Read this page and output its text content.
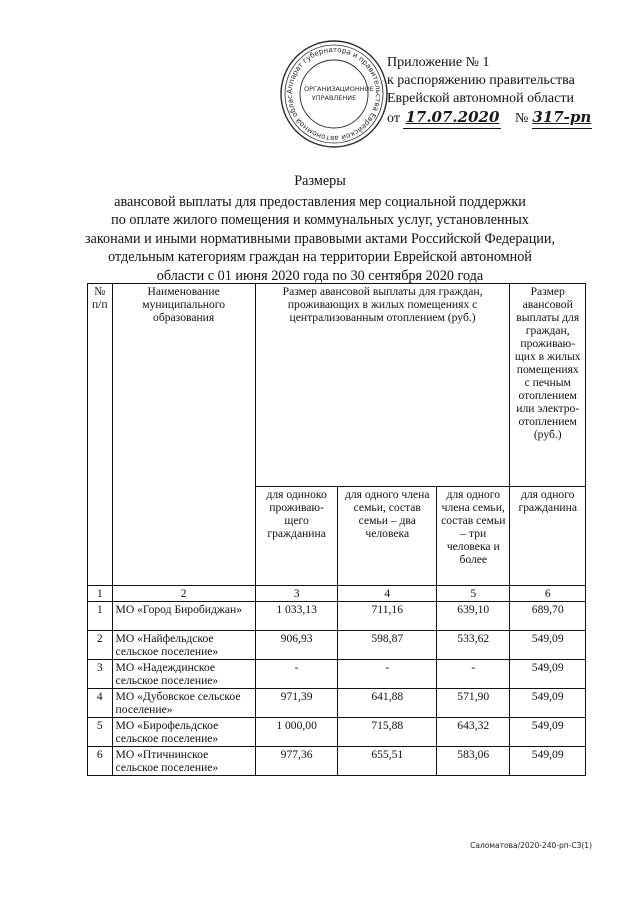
Аппарат губернатора и правительства Еврейской автономной облас
ОРГАНИЗАЦИОННОЕ УПРАВЛЕНИЕ
Приложение № 1
к распоряжению правительства
Еврейской автономной области
от 17.07.2020 № 317-рп
Размеры
авансовой выплаты для предоставления мер социальной поддержки
по оплате жилого помещения и коммунальных услуг, установленных
законами и иными нормативными правовыми актами Российской Федерации,
отдельным категориям граждан на территории Еврейской автономной
области с 01 июня 2020 года по 30 сентября 2020 года
№ п/п	Наименование муниципального образования	Размер авансовой выплаты для граждан, проживающих в жилых помещениях с централизованным отоплением (руб.)			Размер авансовой выплаты для граждан, проживаю-щих в жилых помещениях с печным отоплением или электро-отоплением (руб.)
		для одиноко проживаю-щего гражданина	для одного члена семьи, состав семьи – два человека	для одного члена семьи, состав семьи – три человека и более	для одного гражданина
1	2	3	4	5	6
1	МО «Город Биробиджан»	1 033,13	711,16	639,10	689,70
2	МО «Найфельдское сельское поселение»	906,93	598,87	533,62	549,09
3	МО «Надеждинское сельское поселение»	-	-	-	549,09
4	МО «Дубовское сельское поселение»	971,39	641,88	571,90	549,09
5	МО «Бирофельдское сельское поселение»	1 000,00	715,88	643,32	549,09
6	МО «Птичнинское сельское поселение»	977,36	655,51	583,06	549,09
Саломатова/2020-240-рп-СЗ(1)
